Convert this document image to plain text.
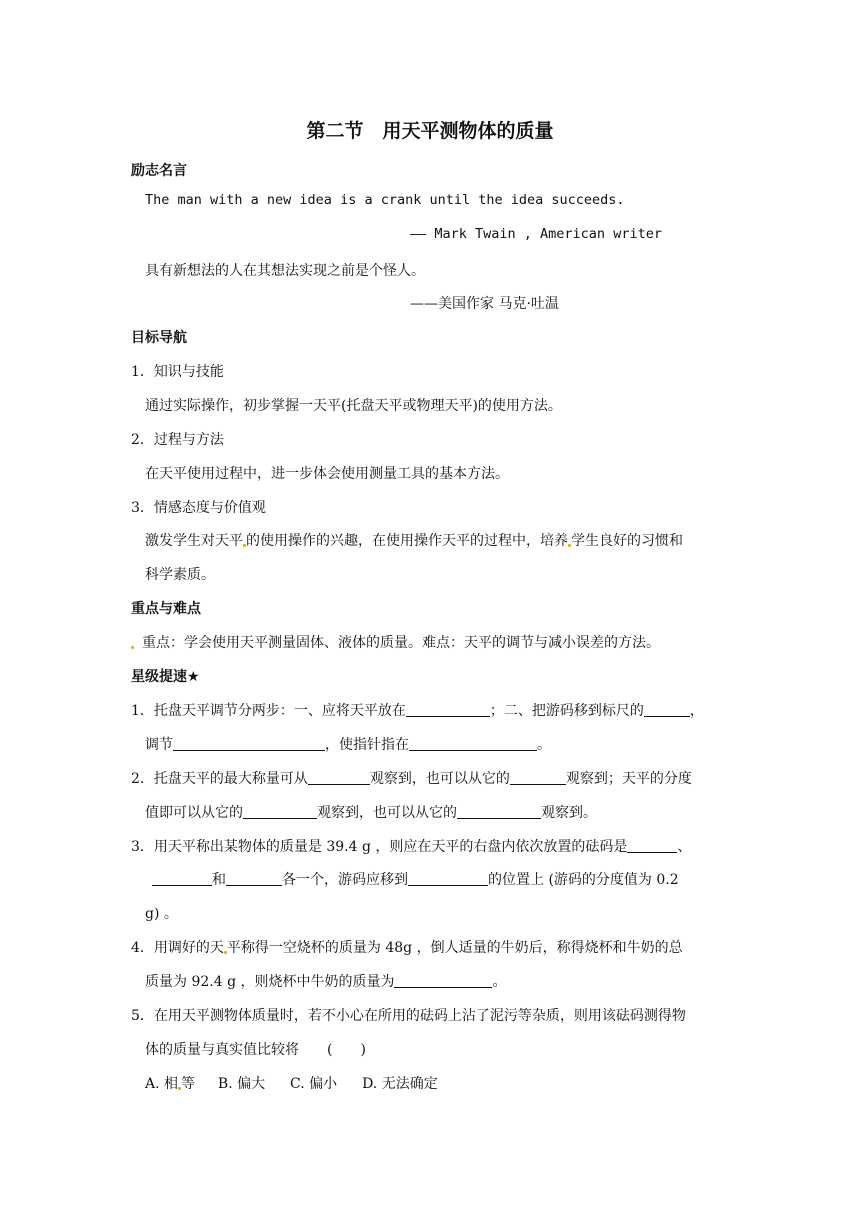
第二节　用天平测物体的质量
励志名言
The man with a new idea is a crank until the idea succeeds.
—— Mark Twain , American writer
具有新想法的人在其想法实现之前是个怪人。
——美国作家 马克·吐温
目标导航
1．知识与技能
通过实际操作，初步掌握一天平(托盘天平或物理天平)的使用方法。
2．过程与方法
在天平使用过程中，进一步体会使用测量工具的基本方法。
3．情感态度与价值观
激发学生对天平 的使用操作的兴趣，在使用操作天平的过程中，培养 学生良好的习惯和
科学素质。
重点与难点
重点：学会使用天平测量固体、液体的质量。难点：天平的调节与减小误差的方法。
星级提速★
1．托盘天平调节分两步：一、应将天平放在	；二、把游码移到标尺的	，
调节	，使指针指在	。
2．托盘天平的最大称量可从	观察到，也可以从它的	观察到；天平的分度
值即可以从它的	观察到，也可以从它的	观察到。
3．用天平称出某物体的质量是 39.4 g ，则应在天平的右盘内依次放置的砝码是	、
和	各一个，游码应移到	的位置上 (游码的分度值为 0.2
g) 。
4．用调好的天 平称得一空烧杯的质量为 48g ，倒人适量的牛奶后，称得烧杯和牛奶的总
质量为 92.4 g ，则烧杯中牛奶的质量为	。
5．在用天平测物体质量时，若不小心在所用的砝码上沾了泥污等杂质，则用该砝码测得物
体的质量与真实值比较将　　(　　)
A. 相 等 B. 偏大 C. 偏小 D. 无法确定
